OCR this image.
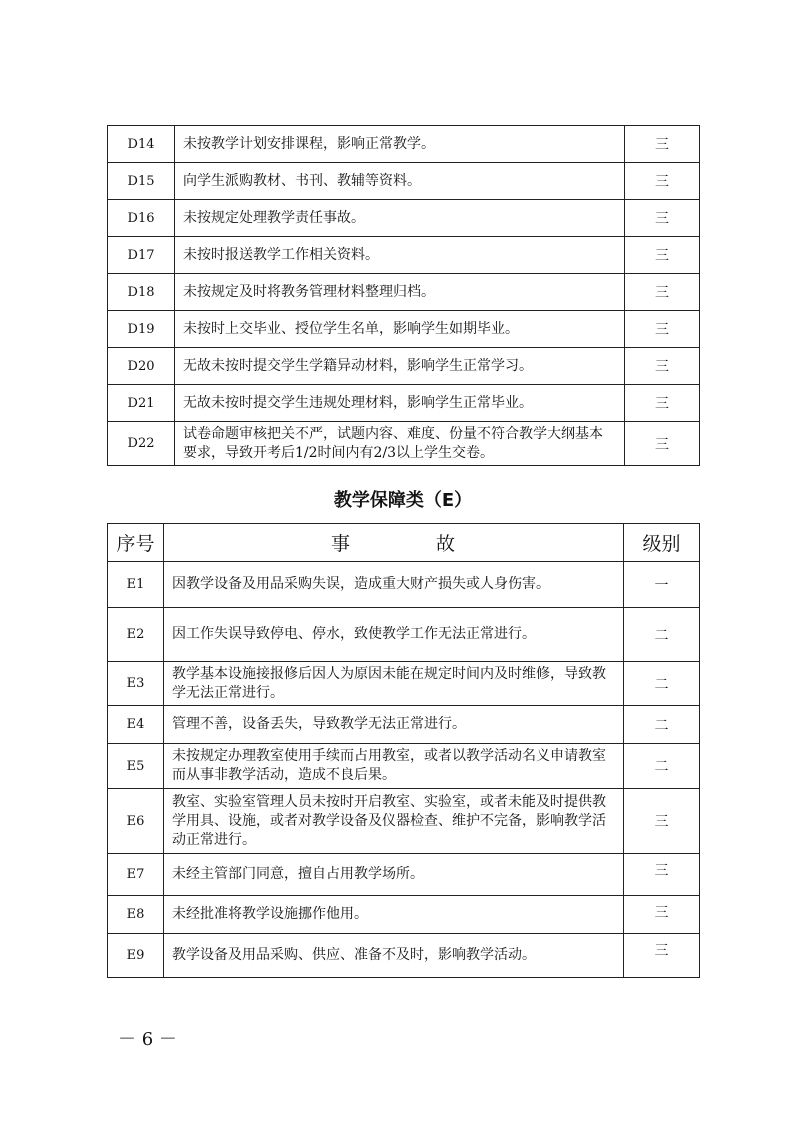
D14	未按教学计划安排课程，影响正常教学。	三
D15	向学生派购教材、书刊、教辅等资料。	三
D16	未按规定处理教学责任事故。	三
D17	未按时报送教学工作相关资料。	三
D18	未按规定及时将教务管理材料整理归档。	三
D19	未按时上交毕业、授位学生名单，影响学生如期毕业。	三
D20	无故未按时提交学生学籍异动材料，影响学生正常学习。	三
D21	无故未按时提交学生违规处理材料，影响学生正常毕业。	三
D22	试卷命题审核把关不严，试题内容、难度、份量不符合教学大纲基本要求，导致开考后1/2时间内有2/3以上学生交卷。	三
教学保障类（E）
序号	事 故	级别
E1	因教学设备及用品采购失误，造成重大财产损失或人身伤害。	一
E2	因工作失误导致停电、停水，致使教学工作无法正常进行。	二
E3	教学基本设施接报修后因人为原因未能在规定时间内及时维修，导致教学无法正常进行。	二
E4	管理不善，设备丢失，导致教学无法正常进行。	二
E5	未按规定办理教室使用手续而占用教室，或者以教学活动名义申请教室而从事非教学活动，造成不良后果。	二
E6	教室、实验室管理人员未按时开启教室、实验室，或者未能及时提供教学用具、设施，或者对教学设备及仪器检查、维护不完备，影响教学活动正常进行。	三
E7	未经主管部门同意，擅自占用教学场所。	三
E8	未经批准将教学设施挪作他用。	三
E9	教学设备及用品采购、供应、准备不及时，影响教学活动。	三
－ 6 －
